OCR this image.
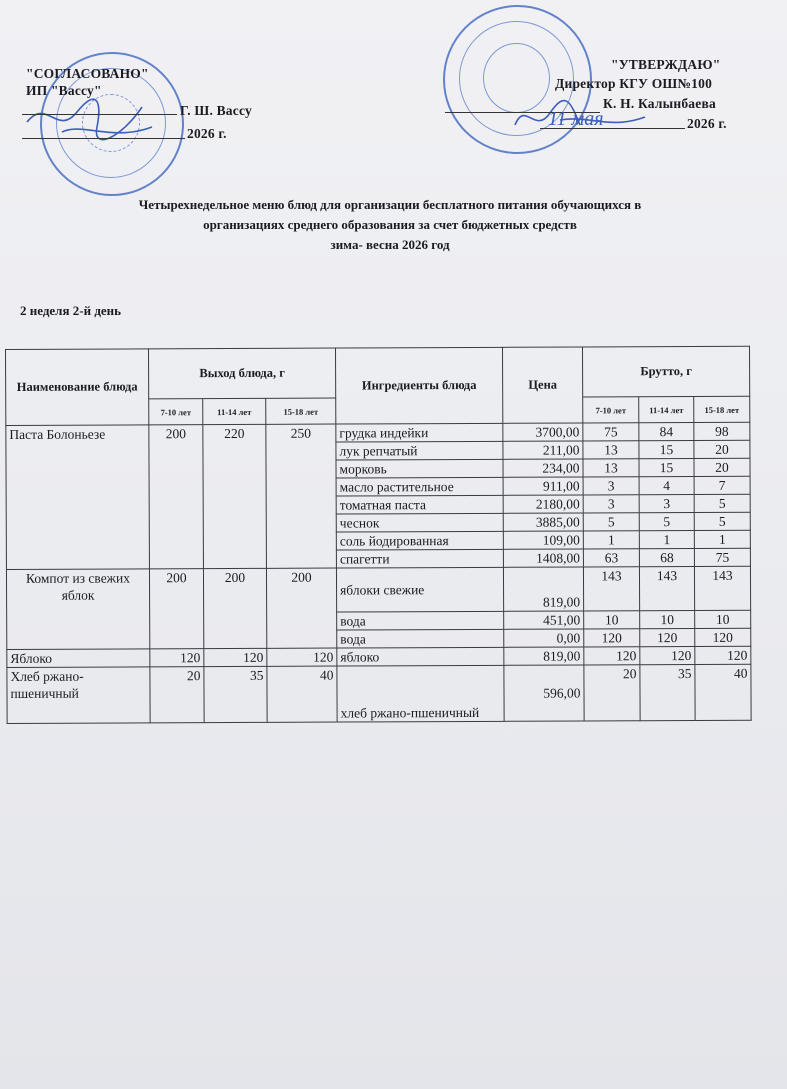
"СОГЛАСОВАНО"
ИП "Вассу"
Г. Ш. Вассу
2026 г.
"УТВЕРЖДАЮ"
Директор КГУ ОШ№100
К. Н. Калынбаева
11 мая	2026 г.
Четырехнедельное меню блюд для организации бесплатного питания обучающихся в
организациях среднего образования за счет бюджетных средств
зима- весна 2026 год
2 неделя 2-й день
Наименование блюда	Выход блюда, г			Ингредиенты блюда	Цена	Брутто, г		
	7-10 лет	11-14 лет	15-18 лет			7-10 лет	11-14 лет	15-18 лет
Паста Болоньезе	200	220	250	грудка индейки	3700,00	75	84	98
				лук репчатый	211,00	13	15	20
				морковь	234,00	13	15	20
				масло растительное	911,00	3	4	7
				томатная паста	2180,00	3	3	5
				чеснок	3885,00	5	5	5
				соль йодированная	109,00	1	1	1
				спагетти	1408,00	63	68	75
Компот из свежих яблок	200	200	200	яблоки свежие	819,00	143	143	143
				вода	451,00	10	10	10
				вода	0,00	120	120	120
Яблоко	120	120	120	яблоко	819,00	120	120	120
Хлеб ржано-пшеничный	20	35	40	хлеб ржано-пшеничный	596,00	20	35	40
